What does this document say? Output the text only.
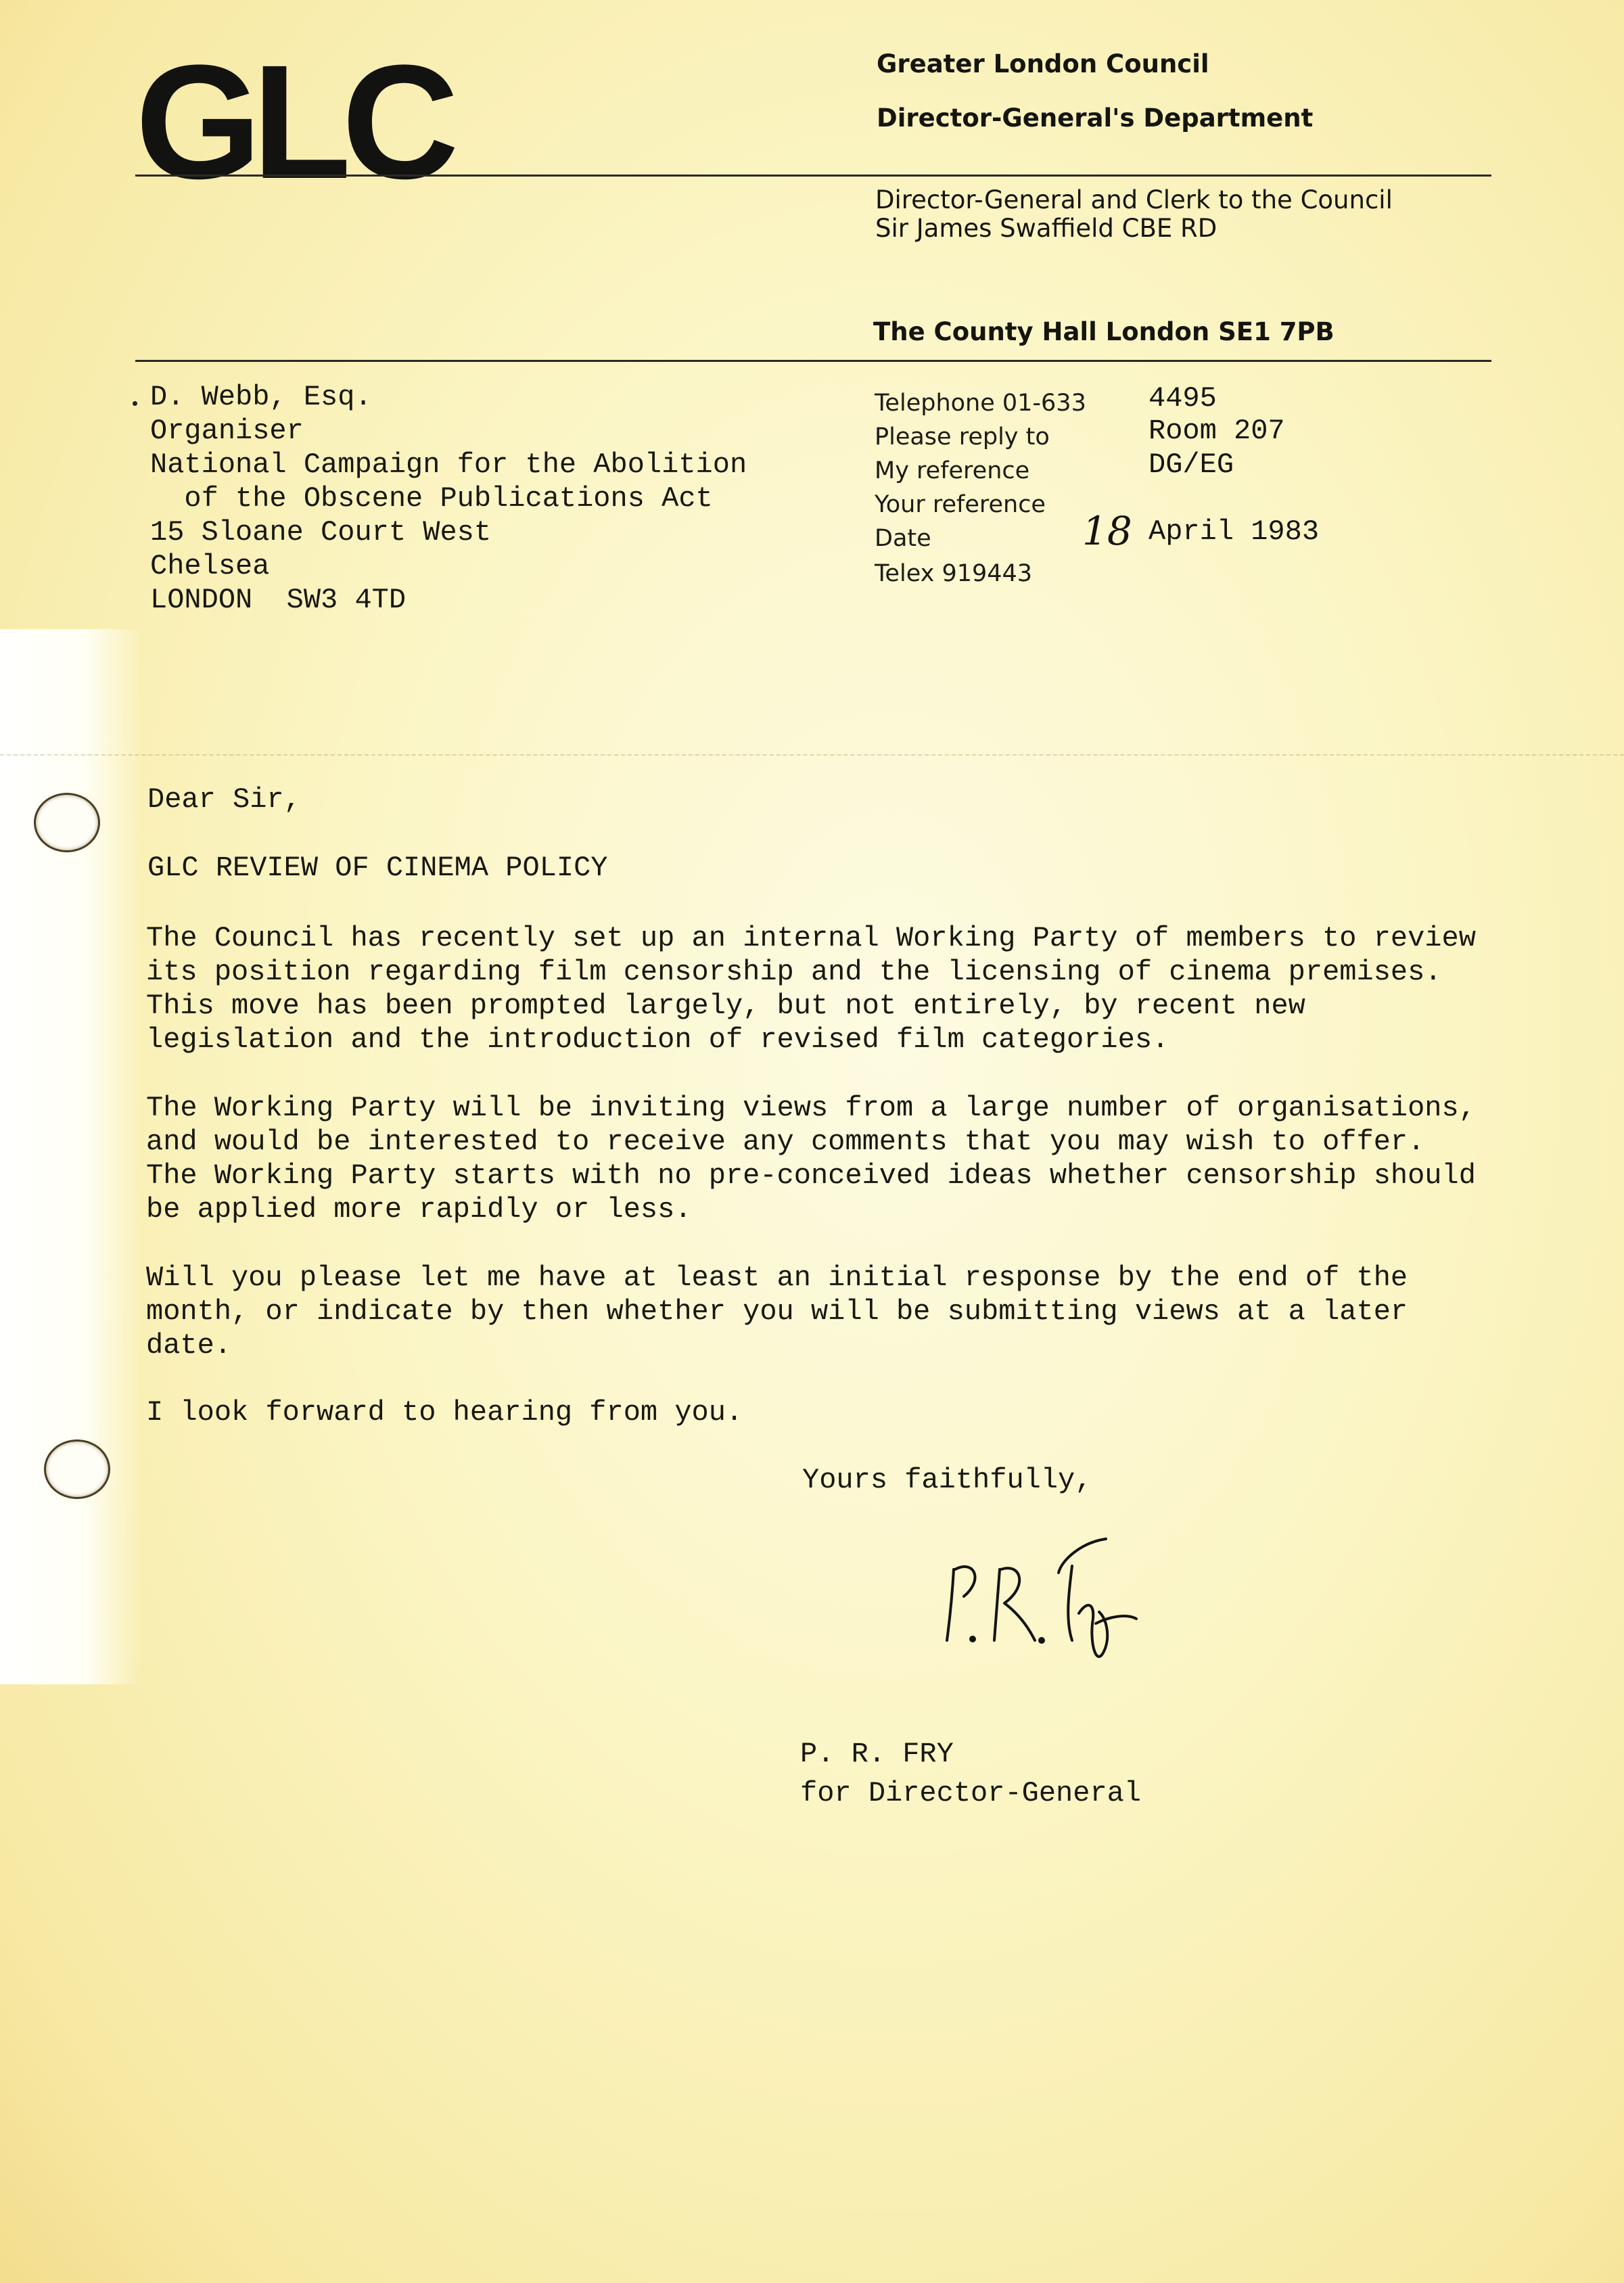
GLC	Greater London Council
Director-General's Department
Director-General and Clerk to the Council
Sir James Swaffield CBE RD
The County Hall London SE1 7PB
D. Webb, Esq.
Organiser
National Campaign for the Abolition
of the Obscene Publications Act
15 Sloane Court West
Chelsea
LONDON  SW3 4TD
Telephone 01-633
Please reply to
My reference
Your reference
Date
Telex 919443
4495
Room 207
DG/EG
18 April 1983
Dear Sir,
GLC REVIEW OF CINEMA POLICY
The Council has recently set up an internal Working Party of members to review
its position regarding film censorship and the licensing of cinema premises.
This move has been prompted largely, but not entirely, by recent new
legislation and the introduction of revised film categories.
The Working Party will be inviting views from a large number of organisations,
and would be interested to receive any comments that you may wish to offer.
The Working Party starts with no pre-conceived ideas whether censorship should
be applied more rapidly or less.
Will you please let me have at least an initial response by the end of the
month, or indicate by then whether you will be submitting views at a later
date.
I look forward to hearing from you.
Yours faithfully,
P. R. FRY
for Director-General
